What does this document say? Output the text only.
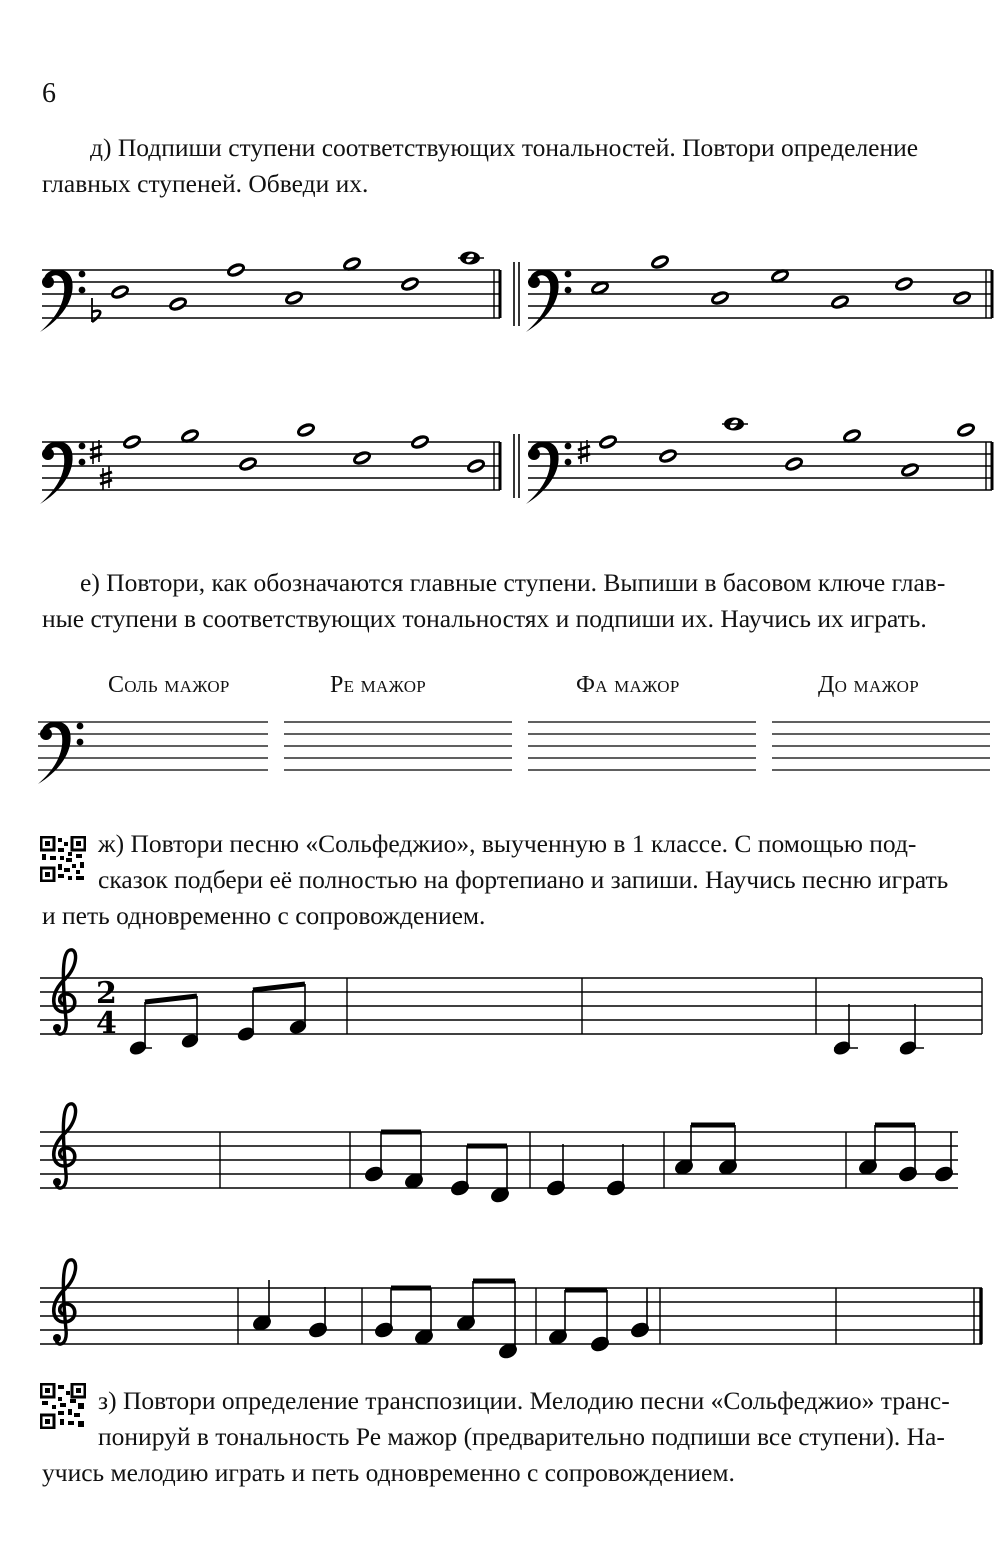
6

д) Подпиши ступени соответствующих тональностей. Повтори определение
главных ступеней. Обведи их.

е) Повтори, как обозначаются главные ступени. Выпиши в басовом ключе глав-
ные ступени в соответствующих тональностях и подпиши их. Научись их играть.

Соль мажор	Ре мажор	Фа мажор	До мажор

ж) Повтори песню «Сольфеджио», выученную в 1 классе. С помощью под-
сказок подбери её полностью на фортепиано и запиши. Научись песню играть
и петь одновременно с сопровождением.

з) Повтори определение транспозиции. Мелодию песни «Сольфеджио» транс-
понируй в тональность Ре мажор (предварительно подпиши все ступени). На-
учись мелодию играть и петь одновременно с сопровождением.

2
4
